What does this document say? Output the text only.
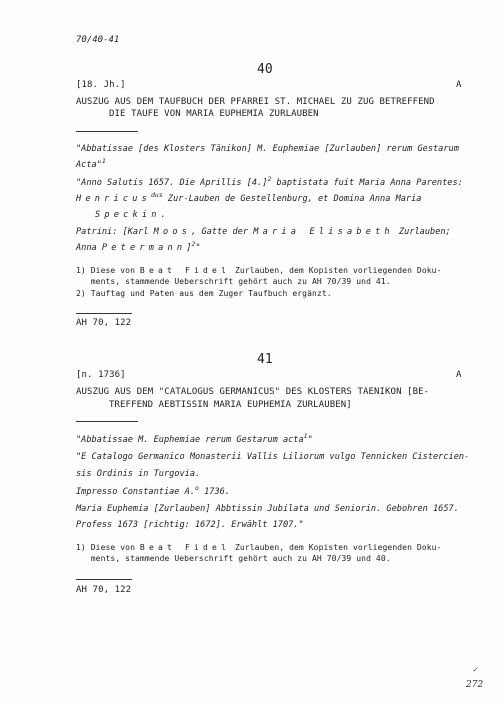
70/40-41
40
[18. Jh.]	A
AUSZUG AUS DEM TAUFBUCH DER PFARREI ST. MICHAEL ZU ZUG BETREFFEND
DIE TAUFE VON MARIA EUPHEMIA ZURLAUBEN
"Abbatissae [des Klosters Tänikon] M. Euphemiae [Zurlauben] rerum Gestarum
Acta"$^1$
"Anno Salutis 1657. Die Aprillis $[4.]^2$ baptistata fuit Maria Anna Parentes:
Henricus$^{dus}$ Zur-Lauben de Gestellenburg, et Domina Anna Maria
Speckin.
Patrini: [Karl Moos, Gatte der Maria Elisabeth Zurlauben;
Anna Petermann]$^2$"
1) Diese von Beat Fidel Zurlauben, dem Kopisten vorliegenden Doku-
ments, stammende Ueberschrift gehört auch zu AH 70/39 und 41.
2) Tauftag und Paten aus dem Zuger Taufbuch ergänzt.
AH 70, 122
41
[n. 1736]	A
AUSZUG AUS DEM "CATALOGUS GERMANICUS" DES KLOSTERS TAENIKON [BE-
TREFFEND AEBTISSIN MARIA EUPHEMIA ZURLAUBEN]
"Abbatissae M. Euphemiae rerum Gestarum acta$^1$"
"E Catalogo Germanico Monasterii Vallis Liliorum vulgo Tennicken Cistercien-
sis Ordinis in Turgovia.
Impresso Constantiae A.$^o$ 1736.
Maria Euphemia [Zurlauben] Abbtissin Jubilata und Seniorin. Gebohren 1657.
Profess 1673 [richtig: 1672]. Erwählt 1707."
1) Diese von Beat Fidel Zurlauben, dem Kopisten vorliegenden Doku-
ments, stammende Ueberschrift gehört auch zu AH 70/39 und 40.
AH 70, 122
✓
272
